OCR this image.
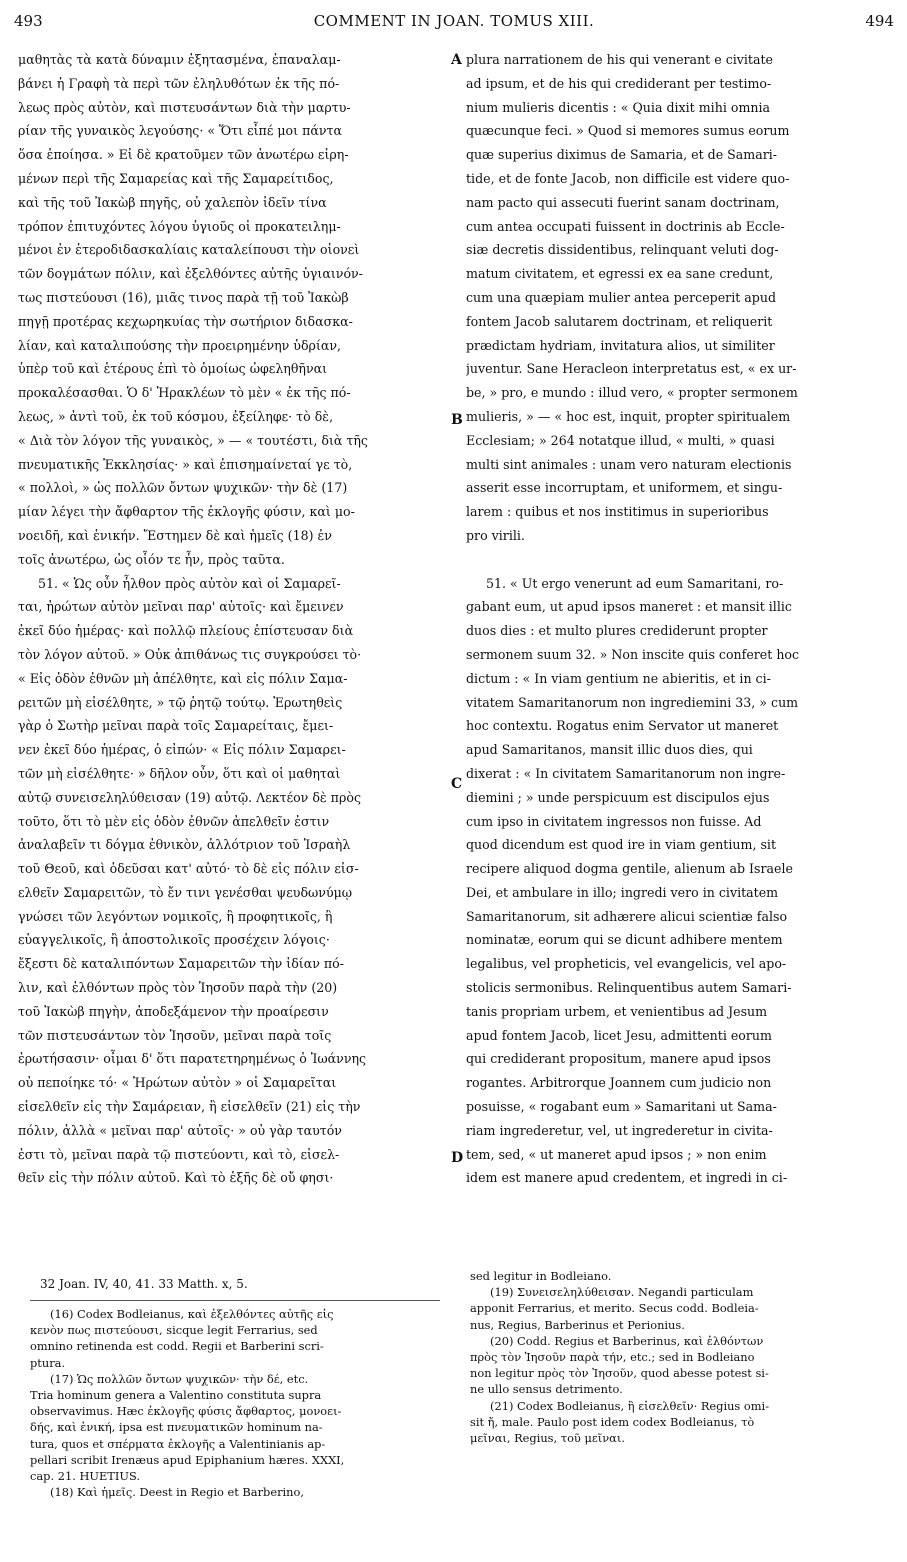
493	COMMENT IN JOAN. TOMUS XIII.	494
μαθητὰς τὰ κατὰ δύναμιν ἐξητασμένα, ἐπαναλαμ-
βάνει ἡ Γραφὴ τὰ περὶ τῶν ἐληλυθότων ἐκ τῆς πό-
λεως πρὸς αὐτὸν, καὶ πιστευσάντων διὰ τὴν μαρτυ-
ρίαν τῆς γυναικὸς λεγούσης· « Ὅτι εἶπέ μοι πάντα
ὅσα ἐποίησα. » Εἰ δὲ κρατοῦμεν τῶν ἀνωτέρω εἰρη-
μένων περὶ τῆς Σαμαρείας καὶ τῆς Σαμαρείτιδος,
καὶ τῆς τοῦ Ἰακὼβ πηγῆς, οὐ χαλεπὸν ἰδεῖν τίνα
τρόπον ἐπιτυχόντες λόγου ὑγιοῦς οἱ προκατειλημ-
μένοι ἐν ἑτεροδιδασκαλίαις καταλείπουσι τὴν οἱονεὶ
τῶν δογμάτων πόλιν, καὶ ἐξελθόντες αὐτῆς ὑγιαινόν-
τως πιστεύουσι (16), μιᾶς τινος παρὰ τῇ τοῦ Ἰακὼβ
πηγῇ προτέρας κεχωρηκυίας τὴν σωτήριον διδασκα-
λίαν, καὶ καταλιπούσης τὴν προειρημένην ὑδρίαν,
ὑπὲρ τοῦ καὶ ἑτέρους ἐπὶ τὸ ὁμοίως ὠφεληθῆναι
προκαλέσασθαι. Ὁ δ' Ἡρακλέων τὸ μὲν « ἐκ τῆς πό-
λεως, » ἀντὶ τοῦ, ἐκ τοῦ κόσμου, ἐξείληφε· τὸ δὲ,
« Διὰ τὸν λόγον τῆς γυναικὸς, » — « τουτέστι, διὰ τῆς
πνευματικῆς Ἐκκλησίας· » καὶ ἐπισημαίνεταί γε τὸ,
« πολλοὶ, » ὡς πολλῶν ὄντων ψυχικῶν· τὴν δὲ (17)
μίαν λέγει τὴν ἄφθαρτον τῆς ἐκλογῆς φύσιν, καὶ μο-
νοειδῆ, καὶ ἑνικήν. Ἔστημεν δὲ καὶ ἡμεῖς (18) ἐν
τοῖς ἀνωτέρω, ὡς οἷόν τε ἦν, πρὸς ταῦτα.
51. « Ὡς οὖν ἦλθον πρὸς αὐτὸν καὶ οἱ Σαμαρεῖ-
ται, ἠρώτων αὐτὸν μεῖναι παρ' αὐτοῖς· καὶ ἔμεινεν
ἐκεῖ δύο ἡμέρας· καὶ πολλῷ πλείους ἐπίστευσαν διὰ
τὸν λόγον αὐτοῦ. » Οὐκ ἀπιθάνως τις συγκρούσει τὸ·
« Εἰς ὁδὸν ἐθνῶν μὴ ἀπέλθητε, καὶ εἰς πόλιν Σαμα-
ρειτῶν μὴ εἰσέλθητε, » τῷ ῥητῷ τούτῳ. Ἐρωτηθεὶς
γὰρ ὁ Σωτὴρ μεῖναι παρὰ τοῖς Σαμαρείταις, ἔμει-
νεν ἐκεῖ δύο ἡμέρας, ὁ εἰπών· « Εἰς πόλιν Σαμαρει-
τῶν μὴ εἰσέλθητε· » δῆλον οὖν, ὅτι καὶ οἱ μαθηταὶ
αὐτῷ συνεισεληλύθεισαν (19) αὐτῷ. Λεκτέον δὲ πρὸς
τοῦτο, ὅτι τὸ μὲν εἰς ὁδὸν ἐθνῶν ἀπελθεῖν ἐστιν
ἀναλαβεῖν τι δόγμα ἐθνικὸν, ἀλλότριον τοῦ Ἰσραὴλ
τοῦ Θεοῦ, καὶ ὁδεῦσαι κατ' αὐτό· τὸ δὲ εἰς πόλιν εἰσ-
ελθεῖν Σαμαρειτῶν, τὸ ἔν τινι γενέσθαι ψευδωνύμῳ
γνώσει τῶν λεγόντων νομικοῖς, ἢ προφητικοῖς, ἢ
εὐαγγελικοῖς, ἢ ἀποστολικοῖς προσέχειν λόγοις·
ἔξεστι δὲ καταλιπόντων Σαμαρειτῶν τὴν ἰδίαν πό-
λιν, καὶ ἐλθόντων πρὸς τὸν Ἰησοῦν παρὰ τὴν (20)
τοῦ Ἰακὼβ πηγὴν, ἀποδεξάμενον τὴν προαίρεσιν
τῶν πιστευσάντων τὸν Ἰησοῦν, μεῖναι παρὰ τοῖς
ἐρωτήσασιν· οἶμαι δ' ὅτι παρατετηρημένως ὁ Ἰωάννης
οὐ πεποίηκε τό· « Ἠρώτων αὐτὸν » οἱ Σαμαρεῖται
εἰσελθεῖν εἰς τὴν Σαμάρειαν, ἢ εἰσελθεῖν (21) εἰς τὴν
πόλιν, ἀλλὰ « μεῖναι παρ' αὐτοῖς· » οὐ γὰρ ταυτόν
ἐστι τὸ, μεῖναι παρὰ τῷ πιστεύοντι, καὶ τὸ, εἰσελ-
θεῖν εἰς τὴν πόλιν αὐτοῦ. Καὶ τὸ ἑξῆς δὲ οὔ φησι·
plura narrationem de his qui venerant e civitate
ad ipsum, et de his qui crediderant per testimo-
nium mulieris dicentis : « Quia dixit mihi omnia
quæcunque feci. » Quod si memores sumus eorum
quæ superius diximus de Samaria, et de Samari-
tide, et de fonte Jacob, non difficile est videre quo-
nam pacto qui assecuti fuerint sanam doctrinam,
cum antea occupati fuissent in doctrinis ab Eccle-
siæ decretis dissidentibus, relinquant veluti dog-
matum civitatem, et egressi ex ea sane credunt,
cum una quæpiam mulier antea perceperit apud
fontem Jacob salutarem doctrinam, et reliquerit
prædictam hydriam, invitatura alios, ut similiter
juventur. Sane Heracleon interpretatus est, « ex ur-
be, » pro, e mundo : illud vero, « propter sermonem
mulieris, » — « hoc est, inquit, propter spiritualem
Ecclesiam; » 264 notatque illud, « multi, » quasi
multi sint animales : unam vero naturam electionis
asserit esse incorruptam, et uniformem, et singu-
larem : quibus et nos institimus in superioribus
pro virili.
51. « Ut ergo venerunt ad eum Samaritani, ro-
gabant eum, ut apud ipsos maneret : et mansit illic
duos dies : et multo plures crediderunt propter
sermonem suum 32. » Non inscite quis conferet hoc
dictum : « In viam gentium ne abieritis, et in ci-
vitatem Samaritanorum non ingrediemini 33, » cum
hoc contextu. Rogatus enim Servator ut maneret
apud Samaritanos, mansit illic duos dies, qui
dixerat : « In civitatem Samaritanorum non ingre-
diemini ; » unde perspicuum est discipulos ejus
cum ipso in civitatem ingressos non fuisse. Ad
quod dicendum est quod ire in viam gentium, sit
recipere aliquod dogma gentile, alienum ab Israele
Dei, et ambulare in illo; ingredi vero in civitatem
Samaritanorum, sit adhærere alicui scientiæ falso
nominatæ, eorum qui se dicunt adhibere mentem
legalibus, vel propheticis, vel evangelicis, vel apo-
stolicis sermonibus. Relinquentibus autem Samari-
tanis propriam urbem, et venientibus ad Jesum
apud fontem Jacob, licet Jesu, admittenti eorum
qui crediderant propositum, manere apud ipsos
rogantes. Arbitrorque Joannem cum judicio non
posuisse, « rogabant eum » Samaritani ut Sama-
riam ingrederetur, vel, ut ingrederetur in civita-
tem, sed, « ut maneret apud ipsos ; » non enim
idem est manere apud credentem, et ingredi in ci-
A
B
C
D
32 Joan. IV, 40, 41. 33 Matth. x, 5.
(16) Codex Bodleianus, καὶ ἐξελθόντες αὐτῆς εἰς
κενὸν πως πιστεύουσι, sicque legit Ferrarius, sed
omnino retinenda est codd. Regii et Barberini scri-
ptura.
(17) Ὡς πολλῶν ὄντων ψυχικῶν· τὴν δέ, etc.
Tria hominum genera a Valentino constituta supra
observavimus. Hæc ἐκλογῆς φύσις ἄφθαρτος, μονοει-
δής, καὶ ἑνική, ipsa est πνευματικῶν hominum na-
tura, quos et σπέρματα ἐκλογῆς a Valentinianis ap-
pellari scribit Irenæus apud Epiphanium hæres. XXXI,
cap. 21. HUETIUS.
(18) Καὶ ἡμεῖς. Deest in Regio et Barberino,
sed legitur in Bodleiano.
(19) Συνεισεληλύθεισαν. Negandi particulam
apponit Ferrarius, et merito. Secus codd. Bodleia-
nus, Regius, Barberinus et Perionius.
(20) Codd. Regius et Barberinus, καὶ ἐλθόντων
πρὸς τὸν Ἰησοῦν παρὰ τήν, etc.; sed in Bodleiano
non legitur πρὸς τὸν Ἰησοῦν, quod abesse potest si-
ne ullo sensus detrimento.
(21) Codex Bodleianus, ἢ εἰσελθεῖν· Regius omi-
sit ἤ, male. Paulo post idem codex Bodleianus, τὸ
μεῖναι, Regius, τοῦ μεῖναι.
